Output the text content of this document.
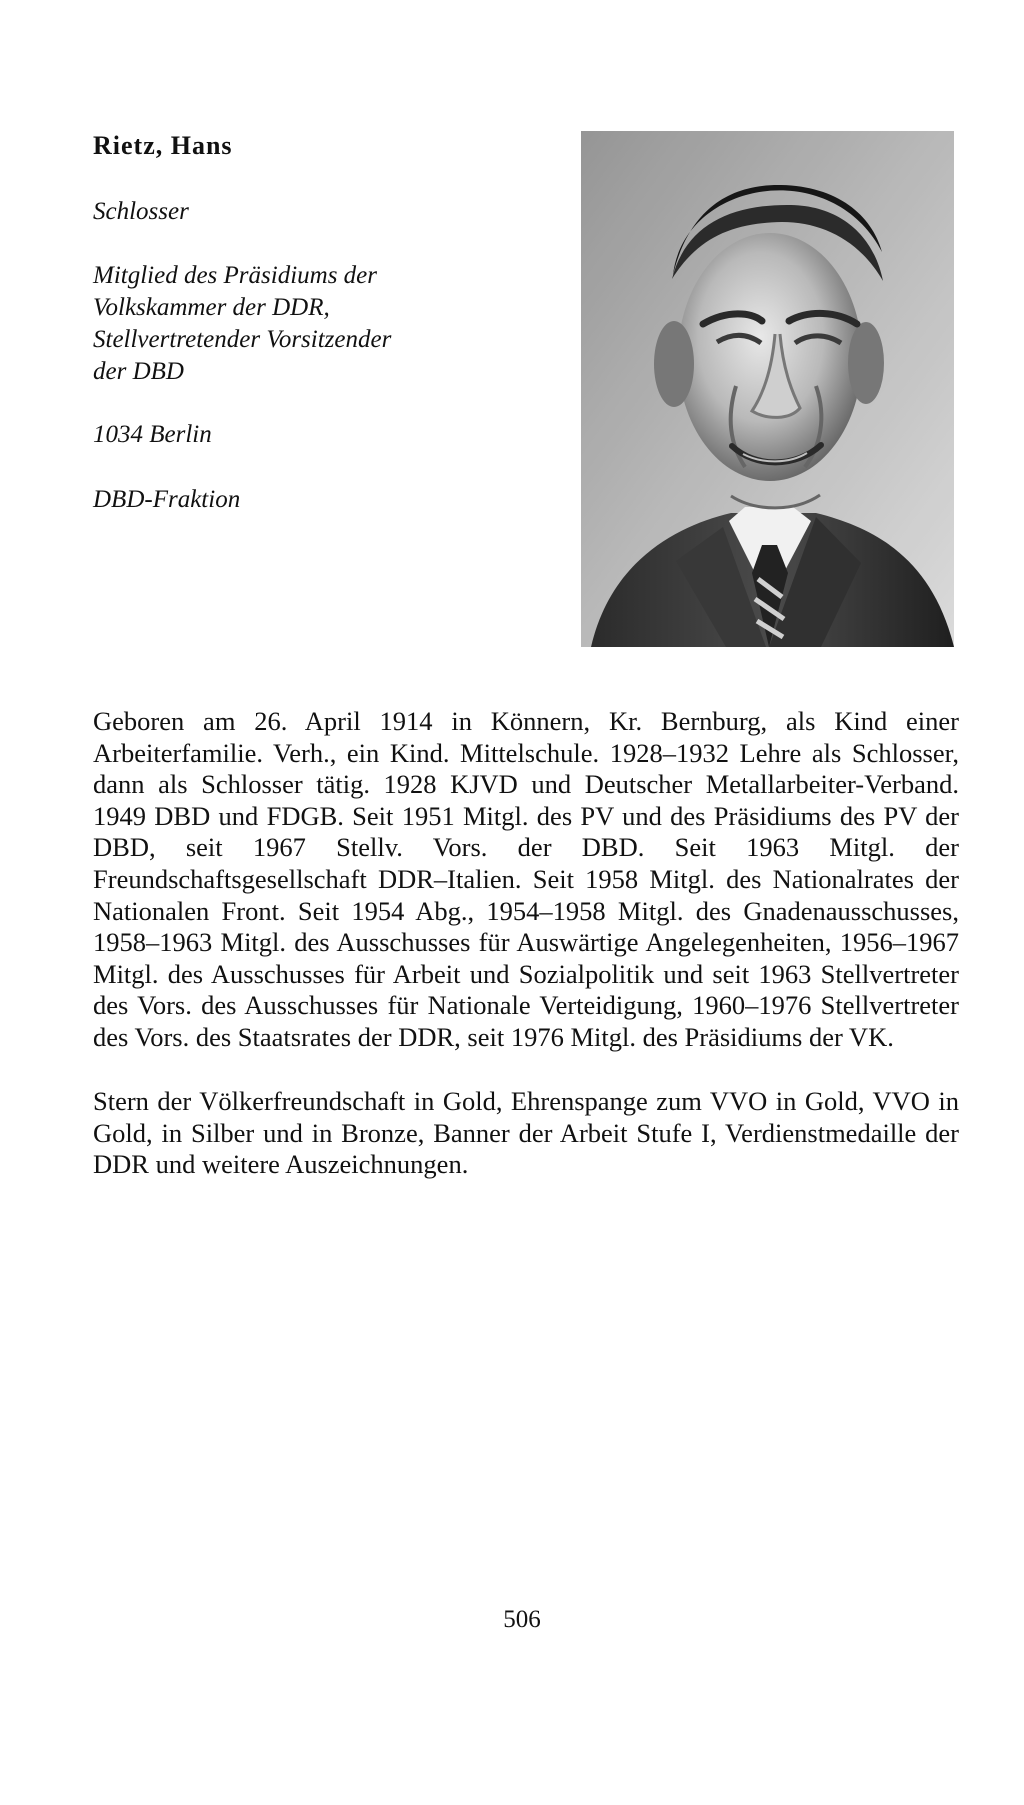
Rietz, Hans
Schlosser
Mitglied des Präsidiums der
Volkskammer der DDR,
Stellvertretender Vorsitzender
der DBD
1034 Berlin
DBD-Fraktion

Geboren am 26. April 1914 in Könnern, Kr. Bernburg, als Kind einer Arbeiterfamilie. Verh., ein Kind. Mittelschule. 1928–1932 Lehre als Schlosser, dann als Schlosser tätig. 1928 KJVD und Deutscher Metallarbeiter-Verband. 1949 DBD und FDGB. Seit 1951 Mitgl. des PV und des Präsidiums des PV der DBD, seit 1967 Stellv. Vors. der DBD. Seit 1963 Mitgl. der Freundschaftsgesellschaft DDR–Italien. Seit 1958 Mitgl. des Nationalrates der Nationalen Front. Seit 1954 Abg., 1954–1958 Mitgl. des Gnadenausschusses, 1958–1963 Mitgl. des Ausschusses für Auswärtige Angelegenheiten, 1956–1967 Mitgl. des Ausschusses für Arbeit und Sozialpolitik und seit 1963 Stellvertreter des Vors. des Ausschusses für Nationale Verteidigung, 1960–1976 Stellvertreter des Vors. des Staatsrates der DDR, seit 1976 Mitgl. des Präsidiums der VK.

Stern der Völkerfreundschaft in Gold, Ehrenspange zum VVO in Gold, VVO in Gold, in Silber und in Bronze, Banner der Arbeit Stufe I, Verdienstmedaille der DDR und weitere Auszeichnungen.

506
